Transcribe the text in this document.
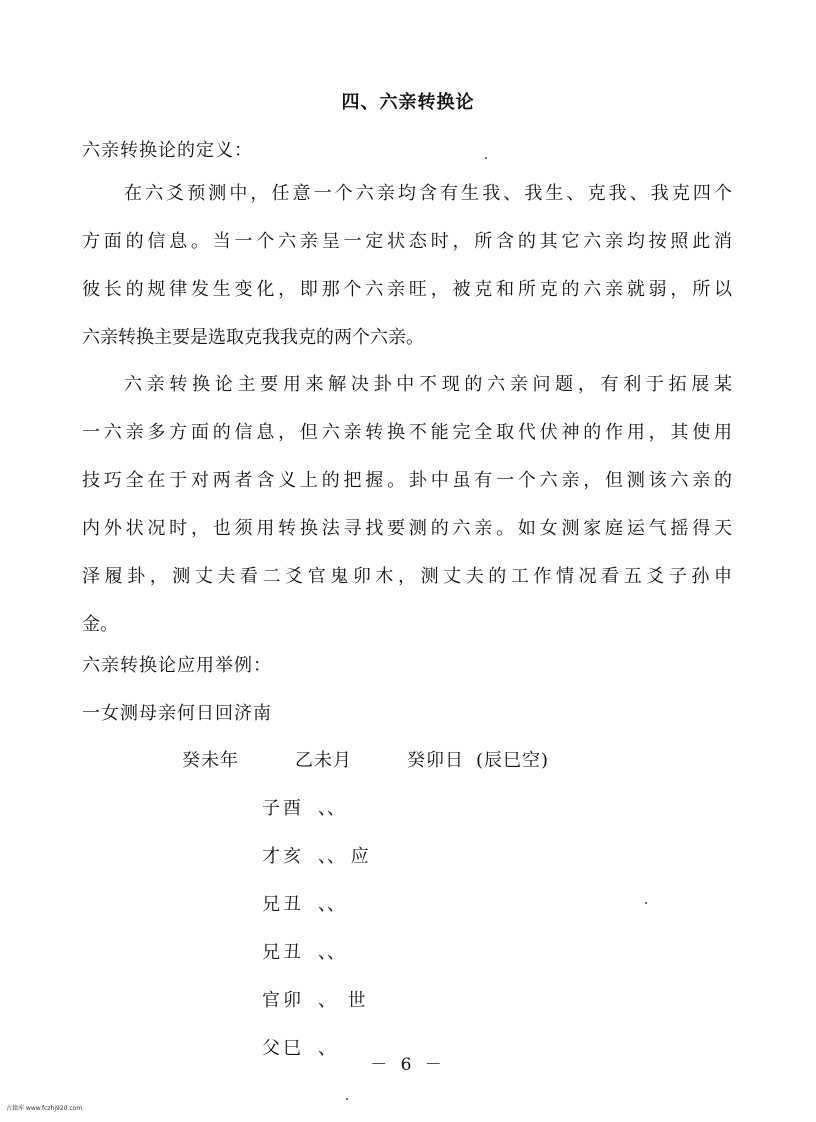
四、六亲转换论
六亲转换论的定义：
在六爻预测中，任意一个六亲均含有生我、我生、克我、我克四个
方面的信息。当一个六亲呈一定状态时，所含的其它六亲均按照此消
彼长的规律发生变化，即那个六亲旺，被克和所克的六亲就弱，所以
六亲转换主要是选取克我我克的两个六亲。
六亲转换论主要用来解决卦中不现的六亲问题，有利于拓展某
一六亲多方面的信息，但六亲转换不能完全取代伏神的作用，其使用
技巧全在于对两者含义上的把握。卦中虽有一个六亲，但测该六亲的
内外状况时，也须用转换法寻找要测的六亲。如女测家庭运气摇得天
泽履卦，测丈夫看二爻官鬼卯木，测丈夫的工作情况看五爻子孙申
金。
六亲转换论应用举例：
一女测母亲何日回济南
癸未年	乙未月	癸卯日 (辰巳空)
子酉 、、
才亥 、、 应
兄丑 、、
兄丑 、、
官卯 、 世
父巳 、
－ 6 －
古籍库 www.fczhj920.com
